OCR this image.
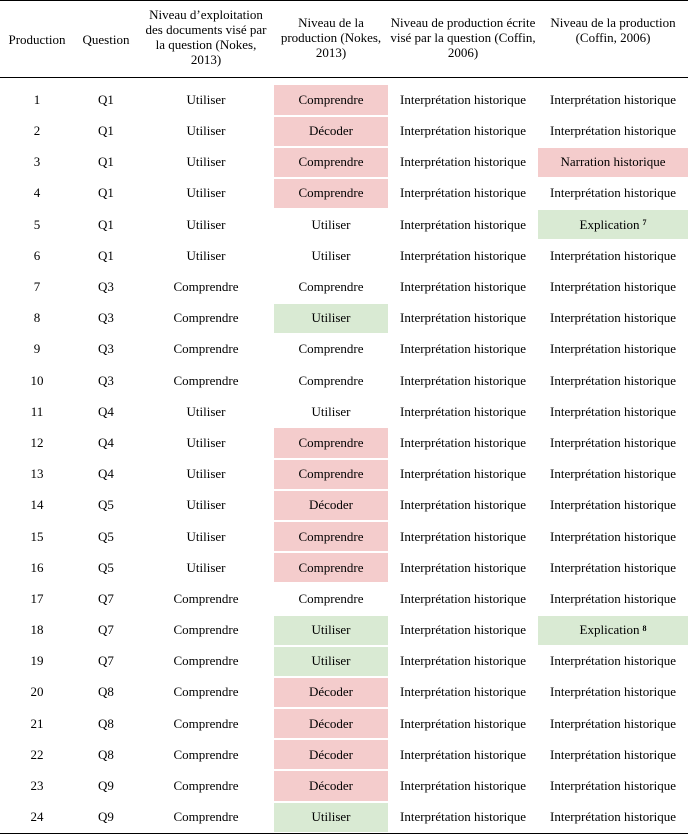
Production	Question	Niveau d’exploitation des documents visé par la question (Nokes, 2013)	Niveau de la production (Nokes, 2013)	Niveau de production écrite visé par la question (Coffin, 2006)	Niveau de la production (Coffin, 2006)

1	Q1	Utiliser	Comprendre	Interprétation historique	Interprétation historique

2	Q1	Utiliser	Décoder	Interprétation historique	Interprétation historique

3	Q1	Utiliser	Comprendre	Interprétation historique	Narration historique

4	Q1	Utiliser	Comprendre	Interprétation historique	Interprétation historique

5	Q1	Utiliser	Utiliser	Interprétation historique	Explication $^7$

6	Q1	Utiliser	Utiliser	Interprétation historique	Interprétation historique

7	Q3	Comprendre	Comprendre	Interprétation historique	Interprétation historique

8	Q3	Comprendre	Utiliser	Interprétation historique	Interprétation historique

9	Q3	Comprendre	Comprendre	Interprétation historique	Interprétation historique

10	Q3	Comprendre	Comprendre	Interprétation historique	Interprétation historique

11	Q4	Utiliser	Utiliser	Interprétation historique	Interprétation historique

12	Q4	Utiliser	Comprendre	Interprétation historique	Interprétation historique

13	Q4	Utiliser	Comprendre	Interprétation historique	Interprétation historique

14	Q5	Utiliser	Décoder	Interprétation historique	Interprétation historique

15	Q5	Utiliser	Comprendre	Interprétation historique	Interprétation historique

16	Q5	Utiliser	Comprendre	Interprétation historique	Interprétation historique

17	Q7	Comprendre	Comprendre	Interprétation historique	Interprétation historique

18	Q7	Comprendre	Utiliser	Interprétation historique	Explication $^8$

19	Q7	Comprendre	Utiliser	Interprétation historique	Interprétation historique

20	Q8	Comprendre	Décoder	Interprétation historique	Interprétation historique

21	Q8	Comprendre	Décoder	Interprétation historique	Interprétation historique

22	Q8	Comprendre	Décoder	Interprétation historique	Interprétation historique

23	Q9	Comprendre	Décoder	Interprétation historique	Interprétation historique

24	Q9	Comprendre	Utiliser	Interprétation historique	Interprétation historique
